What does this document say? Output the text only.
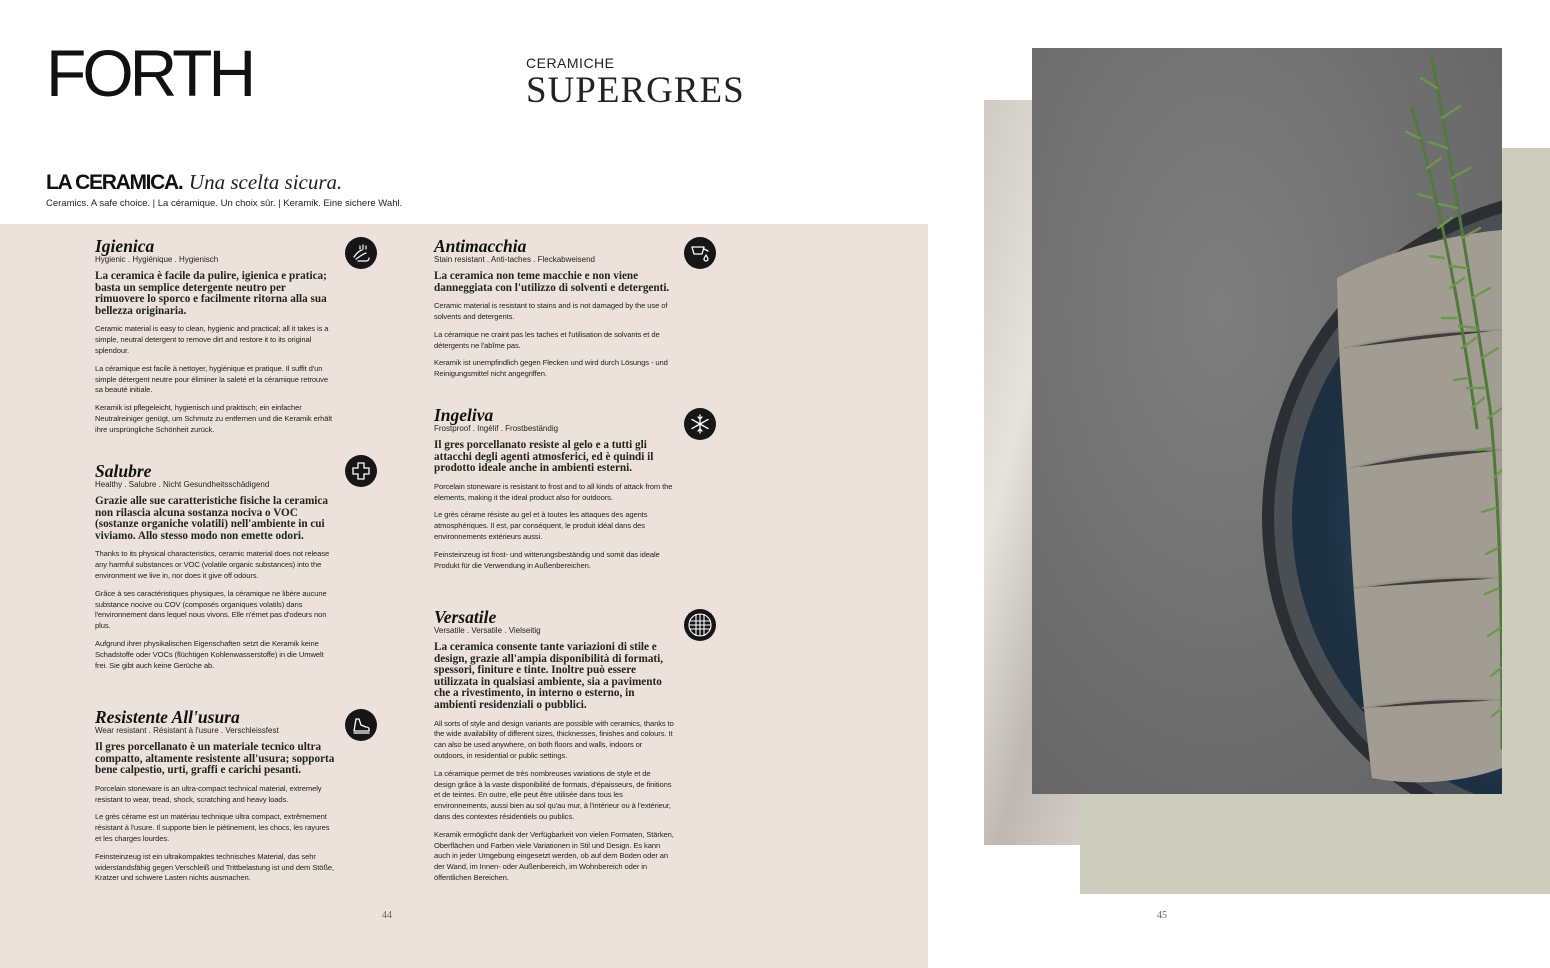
FORTH	CERAMICHE
SUPERGRES
LA CERAMICA. Una scelta sicura.
Ceramics. A safe choice. | La céramique. Un choix sûr. | Keramik. Eine sichere Wahl.
Igienica
Hygienic . Hygiénique . Hygienisch

La ceramica è facile da pulire, igienica e pratica; basta un semplice detergente neutro per rimuovere lo sporco e facilmente ritorna alla sua bellezza originaria.

Ceramic material is easy to clean, hygienic and practical; all it takes is a simple, neutral detergent to remove dirt and restore it to its original splendour.

La céramique est facile à nettoyer, hygiénique et pratique. Il suffit d'un simple détergent neutre pour éliminer la saleté et la céramique retrouve sa beauté initiale.

Keramik ist pflegeleicht, hygienisch und praktisch; ein einfacher Neutralreiniger genügt, um Schmutz zu entfernen und die Keramik erhält ihre ursprüngliche Schönheit zurück.

Salubre
Healthy . Salubre . Nicht Gesundheitsschädigend

Grazie alle sue caratteristiche fisiche la ceramica non rilascia alcuna sostanza nociva o VOC (sostanze organiche volatili) nell'ambiente in cui viviamo. Allo stesso modo non emette odori.

Thanks to its physical characteristics, ceramic material does not release any harmful substances or VOC (volatile organic substances) into the environment we live in, nor does it give off odours.

Grâce à ses caractéristiques physiques, la céramique ne libère aucune substance nocive ou COV (composés organiques volatils) dans l'environnement dans lequel nous vivons. Elle n'émet pas d'odeurs non plus.

Aufgrund ihrer physikalischen Eigenschaften setzt die Keramik keine Schadstoffe oder VOCs (flüchtigen Kohlenwasserstoffe) in die Umwelt frei. Sie gibt auch keine Gerüche ab.

Resistente All'usura
Wear resistant . Résistant à l'usure . Verschleissfest

Il gres porcellanato è un materiale tecnico ultra compatto, altamente resistente all'usura; sopporta bene calpestio, urti, graffi e carichi pesanti.

Porcelain stoneware is an ultra-compact technical material, extremely resistant to wear, tread, shock, scratching and heavy loads.

Le grès cérame est un matériau technique ultra compact, extrêmement résistant à l'usure. Il supporte bien le piétinement, les chocs, les rayures et les charges lourdes.

Feinsteinzeug ist ein ultrakompaktes technisches Material, das sehr widerstandsfähig gegen Verschleiß und Trittbelastung ist und dem Stöße, Kratzer und schwere Lasten nichts ausmachen.

Antimacchia
Stain resistant . Anti-taches . Fleckabweisend

La ceramica non teme macchie e non viene danneggiata con l'utilizzo di solventi e detergenti.

Ceramic material is resistant to stains and is not damaged by the use of solvents and detergents.

La céramique ne craint pas les taches et l'utilisation de solvants et de détergents ne l'abîme pas.

Keramik ist unempfindlich gegen Flecken und wird durch Lösungs - und Reinigungsmittel nicht angegriffen.

Ingeliva
Frostproof . Ingélif . Frostbeständig

Il gres porcellanato resiste al gelo e a tutti gli attacchi degli agenti atmosferici, ed è quindi il prodotto ideale anche in ambienti esterni.

Porcelain stoneware is resistant to frost and to all kinds of attack from the elements, making it the ideal product also for outdoors.

Le grès cérame résiste au gel et à toutes les attaques des agents atmosphériques. Il est, par conséquent, le produit idéal dans des environnements extérieurs aussi.

Feinsteinzeug ist frost- und witterungsbeständig und somit das ideale Produkt für die Verwendung in Außenbereichen.

Versatile
Versatile . Versatile . Vielseitig

La ceramica consente tante variazioni di stile e design, grazie all'ampia disponibilità di formati, spessori, finiture e tinte. Inoltre può essere utilizzata in qualsiasi ambiente, sia a pavimento che a rivestimento, in interno o esterno, in ambienti residenziali o pubblici.

All sorts of style and design variants are possible with ceramics, thanks to the wide availability of different sizes, thicknesses, finishes and colours. It can also be used anywhere, on both floors and walls, indoors or outdoors, in residential or public settings.

La céramique permet de très nombreuses variations de style et de design grâce à la vaste disponibilité de formats, d'épaisseurs, de finitions et de teintes. En outre, elle peut être utilisée dans tous les environnements, aussi bien au sol qu'au mur, à l'intérieur ou à l'extérieur, dans des contextes résidentiels ou publics.

Keramik ermöglicht dank der Verfügbarkeit von vielen Formaten, Stärken, Oberflächen und Farben viele Variationen in Stil und Design. Es kann auch in jeder Umgebung eingesetzt werden, ob auf dem Boden oder an der Wand, im Innen- oder Außenbereich, im Wohnbereich oder in öffentlichen Bereichen.

44	45
